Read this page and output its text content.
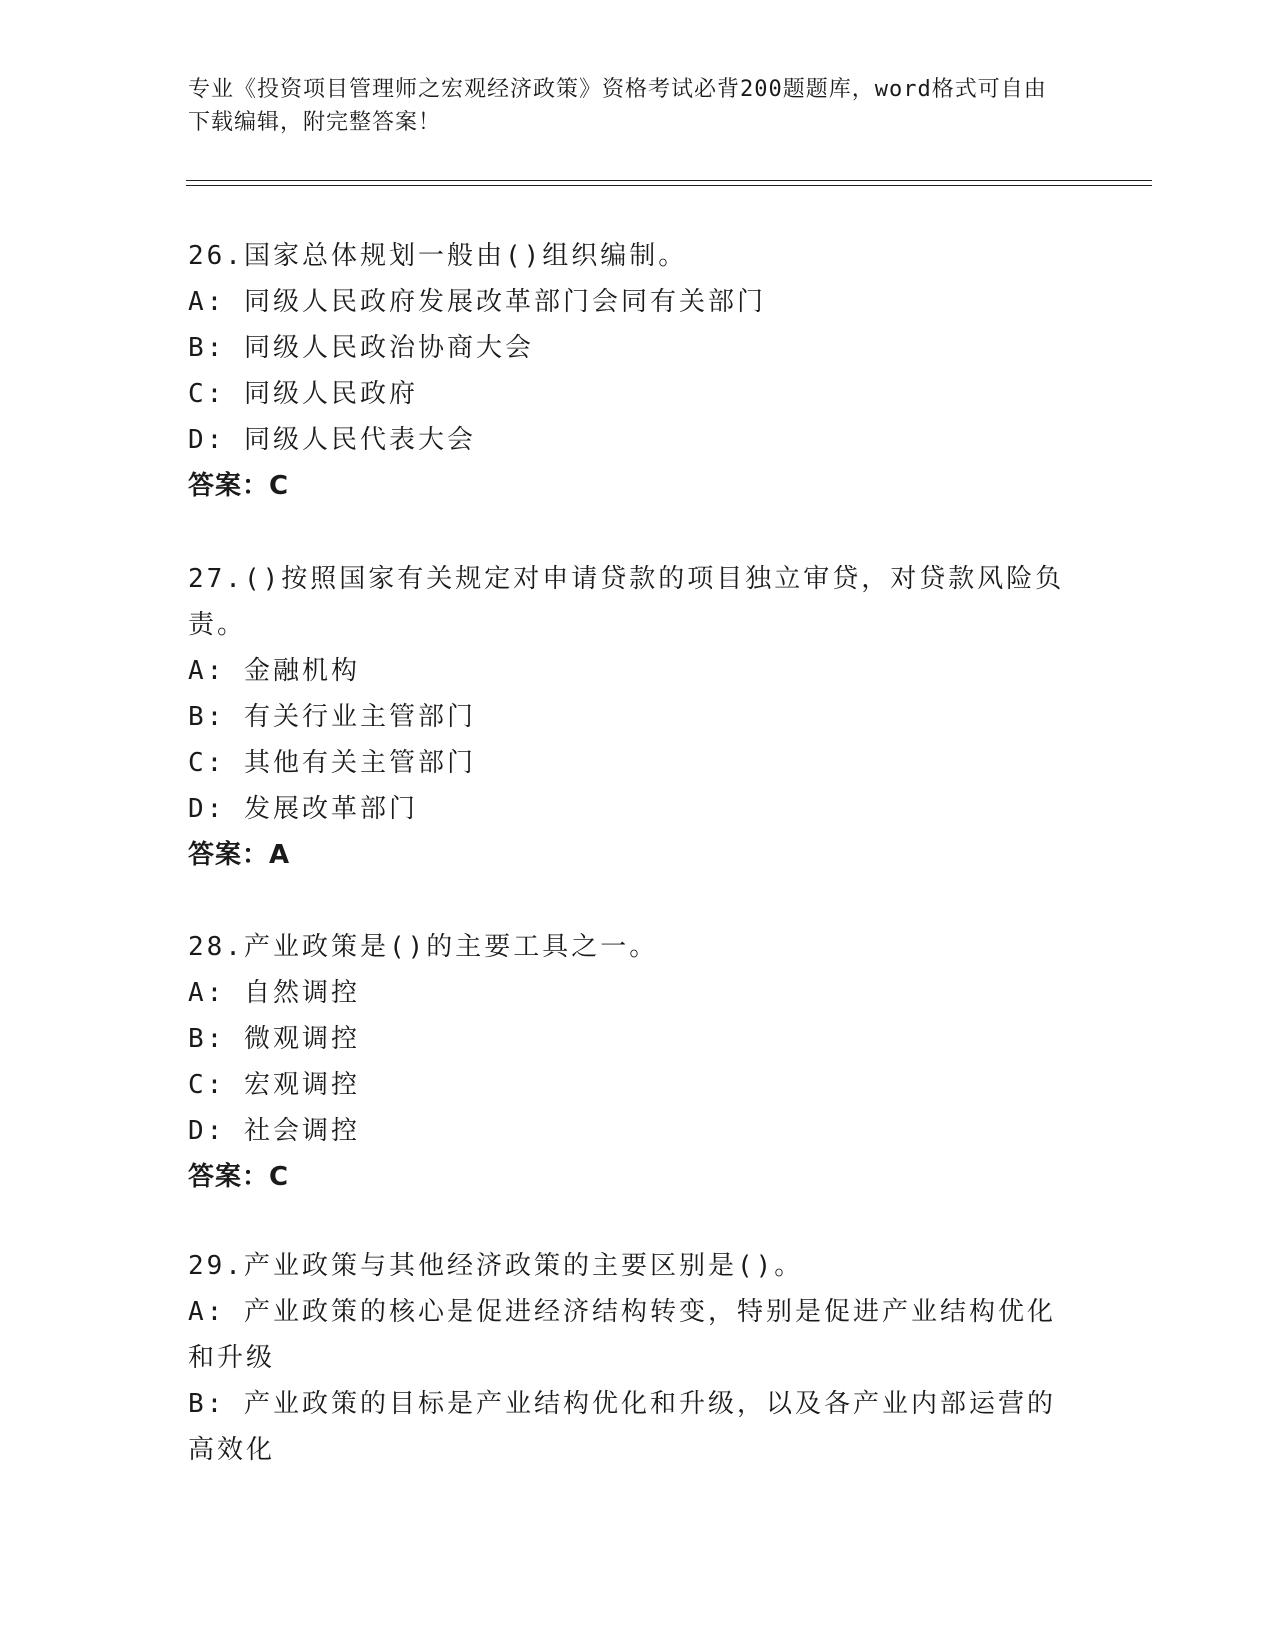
专业《投资项目管理师之宏观经济政策》资格考试必背200题题库，word格式可自由下载编辑，附完整答案！
26.国家总体规划一般由()组织编制。
A: 同级人民政府发展改革部门会同有关部门
B: 同级人民政治协商大会
C: 同级人民政府
D: 同级人民代表大会
答案：C
27.()按照国家有关规定对申请贷款的项目独立审贷，对贷款风险负责。
A: 金融机构
B: 有关行业主管部门
C: 其他有关主管部门
D: 发展改革部门
答案：A
28.产业政策是()的主要工具之一。
A: 自然调控
B: 微观调控
C: 宏观调控
D: 社会调控
答案：C
29.产业政策与其他经济政策的主要区别是()。
A: 产业政策的核心是促进经济结构转变，特别是促进产业结构优化和升级
B: 产业政策的目标是产业结构优化和升级，以及各产业内部运营的高效化
